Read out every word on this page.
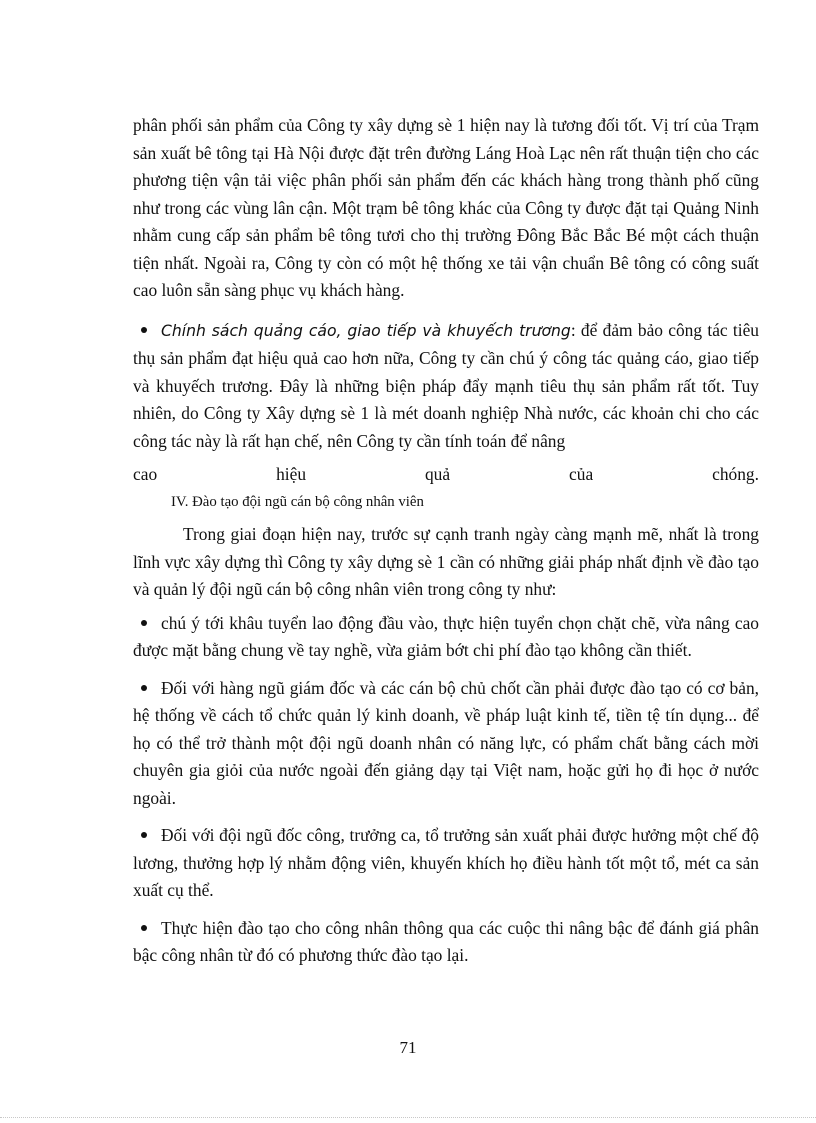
phân phối sản phẩm của Công ty xây dựng sè 1 hiện nay là tương đối tốt. Vị trí của Trạm sản xuất bê tông tại Hà Nội được đặt trên đường Láng Hoà Lạc nên rất thuận tiện cho các phương tiện vận tải việc phân phối sản phẩm đến các khách hàng trong thành phố cũng như trong các vùng lân cận. Một trạm bê tông khác của Công ty được đặt tại Quảng Ninh nhằm cung cấp sản phẩm bê tông tươi cho thị trường Đông Bắc Bắc Bé một cách thuận tiện nhất. Ngoài ra, Công ty còn có một hệ thống xe tải vận chuẩn Bê tông có công suất cao luôn sẵn sàng phục vụ khách hàng.

Chính sách quảng cáo, giao tiếp và khuyếch trương: để đảm bảo công tác tiêu thụ sản phẩm đạt hiệu quả cao hơn nữa, Công ty cần chú ý công tác quảng cáo, giao tiếp và khuyếch trương. Đây là những biện pháp đẩy mạnh tiêu thụ sản phẩm rất tốt. Tuy nhiên, do Công ty Xây dựng sè 1 là mét doanh nghiệp Nhà nước, các khoản chi cho các công tác này là rất hạn chế, nên Công ty cần tính toán để nâng

cao	hiệu	quả	của	chóng.
IV. Đào tạo đội ngũ cán bộ công nhân viên

Trong giai đoạn hiện nay, trước sự cạnh tranh ngày càng mạnh mẽ, nhất là trong lĩnh vực xây dựng thì Công ty xây dựng sè 1 cần có những giải pháp nhất định về đào tạo và quản lý đội ngũ cán bộ công nhân viên trong công ty như:

chú ý tới khâu tuyển lao động đầu vào, thực hiện tuyển chọn chặt chẽ, vừa nâng cao được mặt bằng chung về tay nghề, vừa giảm bớt chi phí đào tạo không cần thiết.

Đối với hàng ngũ giám đốc và các cán bộ chủ chốt cần phải được đào tạo có cơ bản, hệ thống về cách tổ chức quản lý kinh doanh, về pháp luật kinh tế, tiền tệ tín dụng... để họ có thể trở thành một đội ngũ doanh nhân có năng lực, có phẩm chất bằng cách mời chuyên gia giỏi của nước ngoài đến giảng dạy tại Việt nam, hoặc gửi họ đi học ở nước ngoài.

Đối với đội ngũ đốc công, trưởng ca, tổ trưởng sản xuất phải được hưởng một chế độ lương, thưởng hợp lý nhằm động viên, khuyến khích họ điều hành tốt một tổ, mét ca sản xuất cụ thể.

Thực hiện đào tạo cho công nhân thông qua các cuộc thi nâng bậc để đánh giá phân bậc công nhân từ đó có phương thức đào tạo lại.

71
